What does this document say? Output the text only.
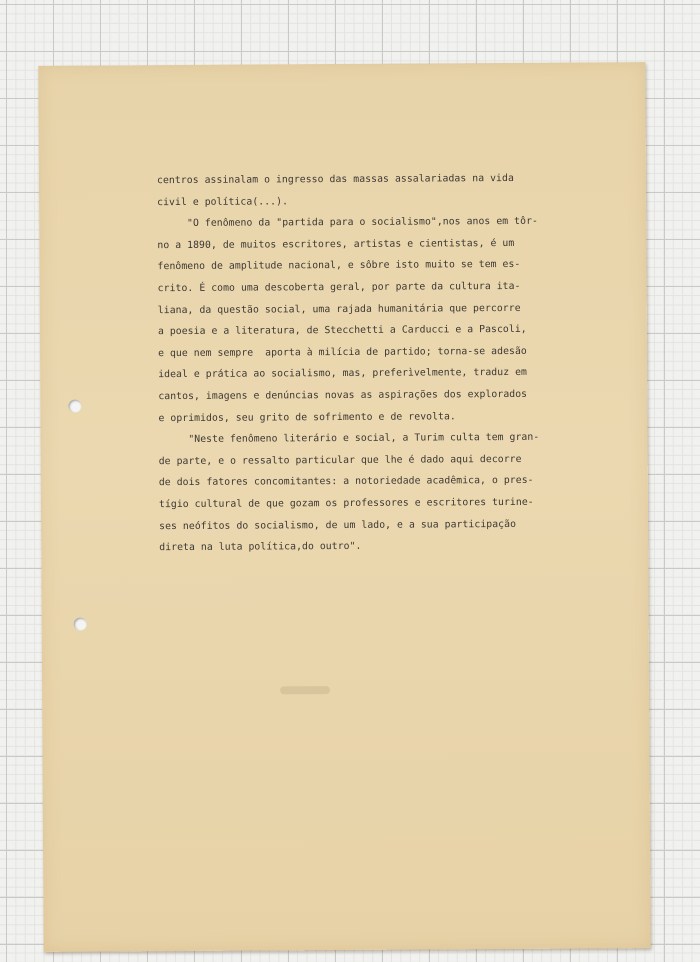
centros assinalam o ingresso das massas assalariadas na vida
civil e política(...).
"O fenômeno da "partida para o socialismo",nos anos em tôr-
no a 1890, de muitos escritores, artistas e cientistas, é um
fenômeno de amplitude nacional, e sôbre isto muito se tem es-
crito. É como uma descoberta geral, por parte da cultura ita-
liana, da questão social, uma rajada humanitária que percorre
a poesia e a literatura, de Stecchetti a Carducci e a Pascoli,
e que nem sempre  aporta à milícia de partido; torna-se adesão
ideal e prática ao socialismo, mas, preferìvelmente, traduz em
cantos, imagens e denúncias novas as aspirações dos explorados
e oprimidos, seu grito de sofrimento e de revolta.
"Neste fenômeno literário e social, a Turim culta tem gran-
de parte, e o ressalto particular que lhe é dado aqui decorre
de dois fatores concomitantes: a notoriedade acadêmica, o pres-
tígio cultural de que gozam os professores e escritores turine-
ses neófitos do socialismo, de um lado, e a sua participação
direta na luta política,do outro".
